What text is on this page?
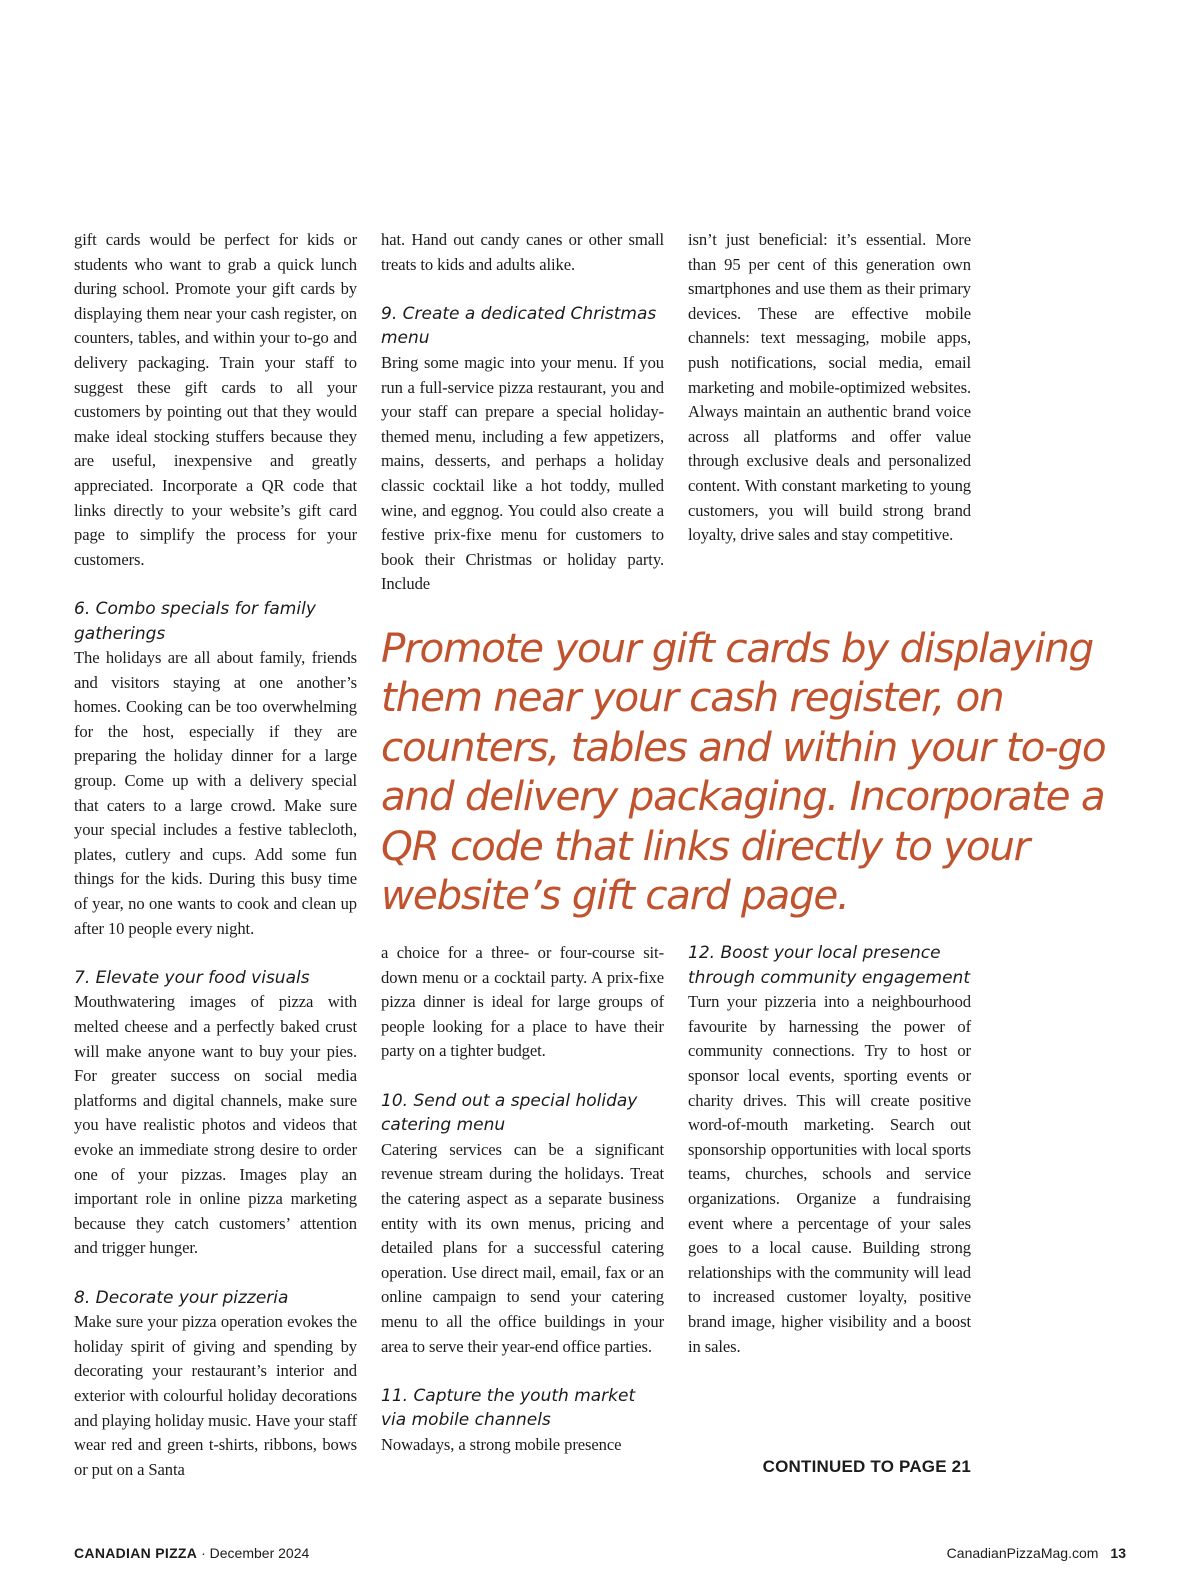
gift cards would be perfect for kids or students who want to grab a quick lunch during school. Promote your gift cards by displaying them near your cash register, on counters, tables, and within your to-go and delivery packaging. Train your staff to suggest these gift cards to all your customers by pointing out that they would make ideal stocking stuffers because they are useful, inexpensive and greatly appreciated. Incorporate a QR code that links directly to your website’s gift card page to simplify the process for your customers.

6. Combo specials for family gatherings

The holidays are all about family, friends and visitors staying at one another’s homes. Cooking can be too overwhelming for the host, especially if they are preparing the holiday dinner for a large group. Come up with a delivery special that caters to a large crowd. Make sure your special includes a festive tablecloth, plates, cutlery and cups. Add some fun things for the kids. During this busy time of year, no one wants to cook and clean up after 10 people every night.

7. Elevate your food visuals

Mouthwatering images of pizza with melted cheese and a perfectly baked crust will make anyone want to buy your pies. For greater success on social media platforms and digital channels, make sure you have realistic photos and videos that evoke an immediate strong desire to order one of your pizzas. Images play an important role in online pizza marketing because they catch customers’ attention and trigger hunger.

8. Decorate your pizzeria

Make sure your pizza operation evokes the holiday spirit of giving and spending by decorating your restaurant’s interior and exterior with colourful holiday decorations and playing holiday music. Have your staff wear red and green t-shirts, ribbons, bows or put on a Santa

hat. Hand out candy canes or other small treats to kids and adults alike.

9. Create a dedicated Christmas menu

Bring some magic into your menu. If you run a full-service pizza restaurant, you and your staff can prepare a special holiday-themed menu, including a few appetizers, mains, desserts, and perhaps a holiday classic cocktail like a hot toddy, mulled wine, and eggnog. You could also create a festive prix-fixe menu for customers to book their Christmas or holiday party. Include

isn’t just beneficial: it’s essential. More than 95 per cent of this generation own smartphones and use them as their primary devices. These are effective mobile channels: text messaging, mobile apps, push notifications, social media, email marketing and mobile-optimized websites. Always maintain an authentic brand voice across all platforms and offer value through exclusive deals and personalized content. With constant marketing to young customers, you will build strong brand loyalty, drive sales and stay competitive.

Promote your gift cards by displaying them near your cash register, on counters, tables and within your to-go and delivery packaging. Incorporate a QR code that links directly to your website’s gift card page.

a choice for a three- or four-course sit-down menu or a cocktail party. A prix-fixe pizza dinner is ideal for large groups of people looking for a place to have their party on a tighter budget.

10. Send out a special holiday catering menu

Catering services can be a significant revenue stream during the holidays. Treat the catering aspect as a separate business entity with its own menus, pricing and detailed plans for a successful catering operation. Use direct mail, email, fax or an online campaign to send your catering menu to all the office buildings in your area to serve their year-end office parties.

11. Capture the youth market via mobile channels

Nowadays, a strong mobile presence

12. Boost your local presence through community engagement

Turn your pizzeria into a neighbourhood favourite by harnessing the power of community connections. Try to host or sponsor local events, sporting events or charity drives. This will create positive word-of-mouth marketing. Search out sponsorship opportunities with local sports teams, churches, schools and service organizations. Organize a fundraising event where a percentage of your sales goes to a local cause. Building strong relationships with the community will lead to increased customer loyalty, positive brand image, higher visibility and a boost in sales.

CONTINUED TO PAGE 21
CANADIAN PIZZA · December 2024	CanadianPizzaMag.com 13
